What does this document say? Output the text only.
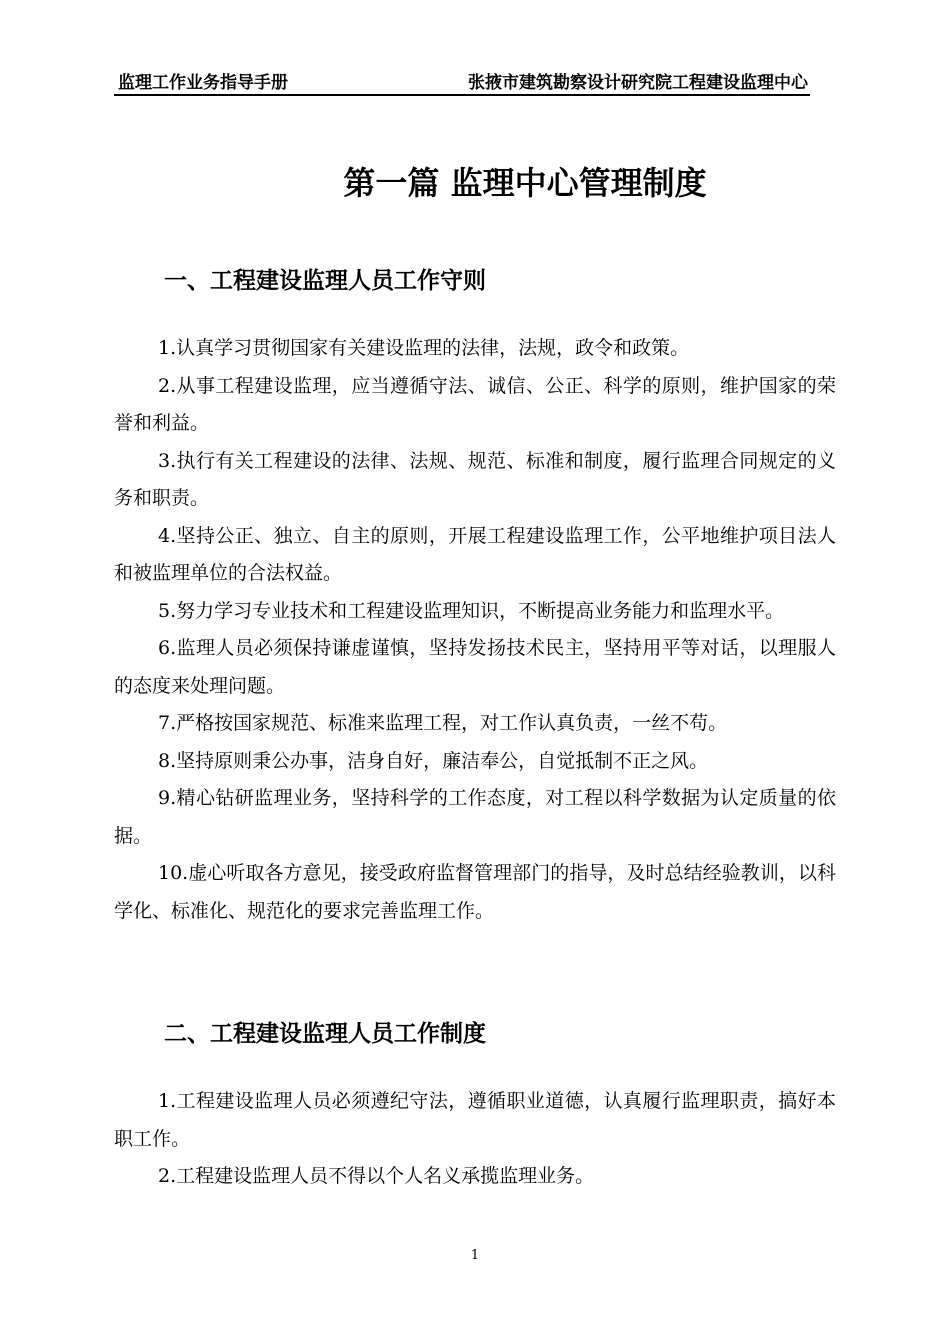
监理工作业务指导手册	张掖市建筑勘察设计研究院工程建设监理中心
第一篇 监理中心管理制度
一、工程建设监理人员工作守则

1.认真学习贯彻国家有关建设监理的法律，法规，政令和政策。

2.从事工程建设监理，应当遵循守法、诚信、公正、科学的原则，维护国家的荣誉和利益。

3.执行有关工程建设的法律、法规、规范、标准和制度，履行监理合同规定的义务和职责。

4.坚持公正、独立、自主的原则，开展工程建设监理工作，公平地维护项目法人和被监理单位的合法权益。

5.努力学习专业技术和工程建设监理知识，不断提高业务能力和监理水平。

6.监理人员必须保持谦虚谨慎，坚持发扬技术民主，坚持用平等对话，以理服人的态度来处理问题。

7.严格按国家规范、标准来监理工程，对工作认真负责，一丝不苟。

8.坚持原则秉公办事，洁身自好，廉洁奉公，自觉抵制不正之风。

9.精心钻研监理业务，坚持科学的工作态度，对工程以科学数据为认定质量的依据。

10.虚心听取各方意见，接受政府监督管理部门的指导，及时总结经验教训，以科学化、标准化、规范化的要求完善监理工作。

二、工程建设监理人员工作制度

1.工程建设监理人员必须遵纪守法，遵循职业道德，认真履行监理职责，搞好本职工作。

2.工程建设监理人员不得以个人名义承揽监理业务。

1
